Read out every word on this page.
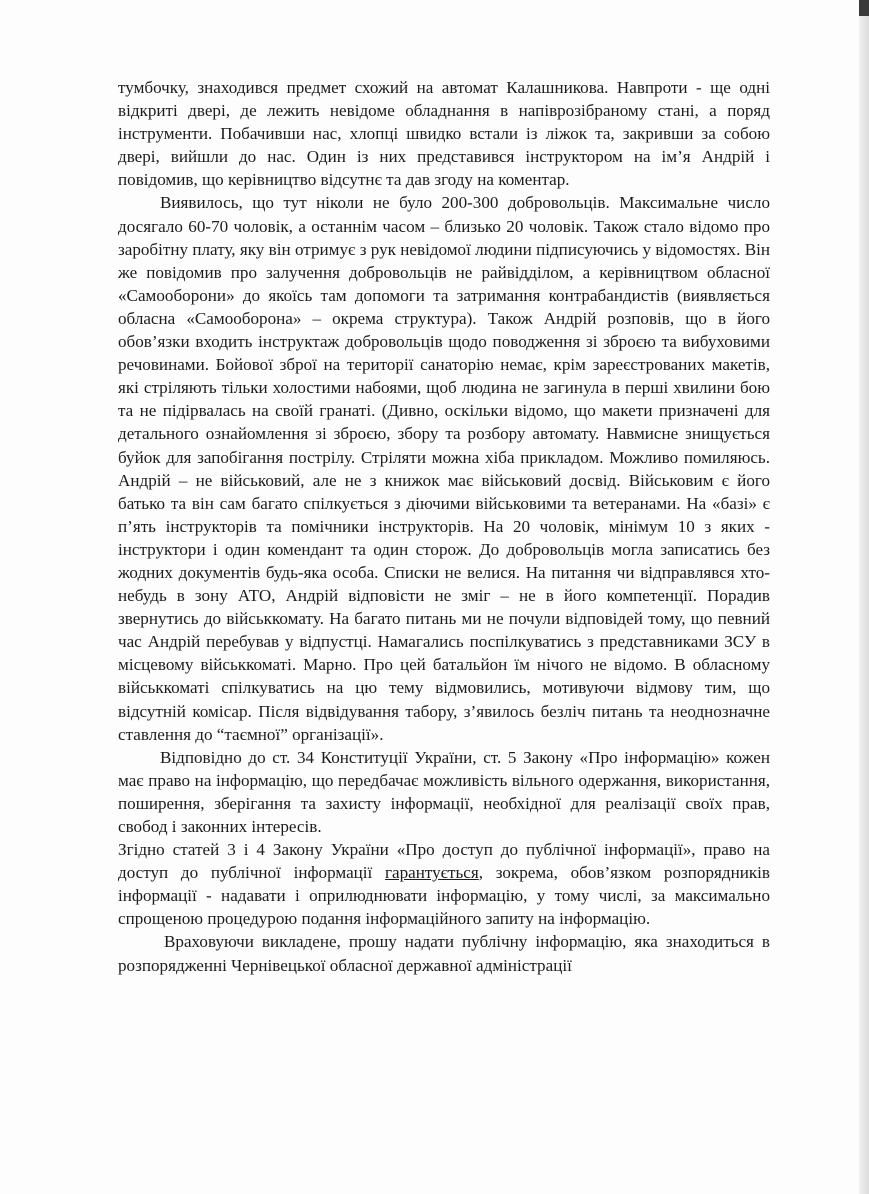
тумбочку, знаходився предмет схожий на автомат Калашникова. Навпроти - ще одні відкриті двері, де лежить невідоме обладнання в напіврозібраному стані, а поряд інструменти. Побачивши нас, хлопці швидко встали із ліжок та, закривши за собою двері, вийшли до нас. Один із них представився інструктором на ім’я Андрій і повідомив, що керівництво відсутнє та дав згоду на коментар.

Виявилось, що тут ніколи не було 200-300 добровольців. Максимальне число досягало 60-70 чоловік, а останнім часом – близько 20 чоловік. Також стало відомо про заробітну плату, яку він отримує з рук невідомої людини підписуючись у відомостях. Він же повідомив про залучення добровольців не райвідділом, а керівництвом обласної «Самооборони» до якоїсь там допомоги та затримання контрабандистів (виявляється обласна «Самооборона» – окрема структура). Також Андрій розповів, що в його обов’язки входить інструктаж добровольців щодо поводження зі зброєю та вибуховими речовинами. Бойової зброї на території санаторію немає, крім зареєстрованих макетів, які стріляють тільки холостими набоями, щоб людина не загинула в перші хвилини бою та не підірвалась на своїй гранаті. (Дивно, оскільки відомо, що макети призначені для детального ознайомлення зі зброєю, збору та розбору автомату. Навмисне знищується буйок для запобігання пострілу. Стріляти можна хіба прикладом. Можливо помиляюсь. Андрій – не військовий, але не з книжок має військовий досвід. Військовим є його батько та він сам багато спілкується з діючими військовими та ветеранами. На «базі» є п’ять інструкторів та помічники інструкторів. На 20 чоловік, мінімум 10 з яких - інструктори і один комендант та один сторож. До добровольців могла записатись без жодних документів будь-яка особа. Списки не велися. На питання чи відправлявся хто-небудь в зону АТО, Андрій відповісти не зміг – не в його компетенції. Порадив звернутись до військкомату. На багато питань ми не почули відповідей тому, що певний час Андрій перебував у відпустці. Намагались поспілкуватись з представниками ЗСУ в місцевому військкоматі. Марно. Про цей батальйон їм нічого не відомо. В обласному військкоматі спілкуватись на цю тему відмовились, мотивуючи відмову тим, що відсутній комісар. Після відвідування табору, з’явилось безліч питань та неоднозначне ставлення до “таємної” організації».

Відповідно до ст. 34 Конституції України, ст. 5 Закону «Про інформацію» кожен має право на інформацію, що передбачає можливість вільного одержання, використання, поширення, зберігання та захисту інформації, необхідної для реалізації своїх прав, свобод і законних інтересів.

Згідно статей 3 і 4 Закону України «Про доступ до публічної інформації», право на доступ до публічної інформації гарантується, зокрема, обов’язком розпорядників інформації - надавати і оприлюднювати інформацію, у тому числі, за максимально спрощеною процедурою подання інформаційного запиту на інформацію.

Враховуючи викладене, прошу надати публічну інформацію, яка знаходиться в розпорядженні Чернівецької обласної державної адміністрації
